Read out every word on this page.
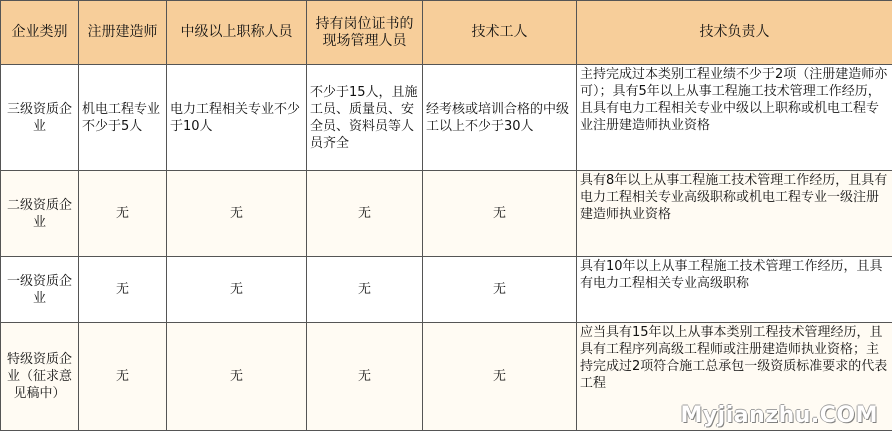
企业类别	注册建造师	中级以上职称人员	持有岗位证书的现场管理人员	技术工人	技术负责人
三级资质企业	机电工程专业不少于5人	电力工程相关专业不少于10人	不少于15人，且施工员、质量员、安全员、资料员等人员齐全	经考核或培训合格的中级工以上不少于30人	主持完成过本类别工程业绩不少于2项（注册建造师亦可）；具有5年以上从事工程施工技术管理工作经历，且具有电力工程相关专业中级以上职称或机电工程专业注册建造师执业资格
二级资质企业	无	无	无	无	具有8年以上从事工程施工技术管理工作经历，且具有电力工程相关专业高级职称或机电工程专业一级注册建造师执业资格
一级资质企业	无	无	无	无	具有10年以上从事工程施工技术管理工作经历，且具有电力工程相关专业高级职称
特级资质企业（征求意见稿中）	无	无	无	无	应当具有15年以上从事本类别工程技术管理经历，且具有工程序列高级工程师或注册建造师执业资格；主持完成过2项符合施工总承包一级资质标准要求的代表工程
Myjianzhu.COM
